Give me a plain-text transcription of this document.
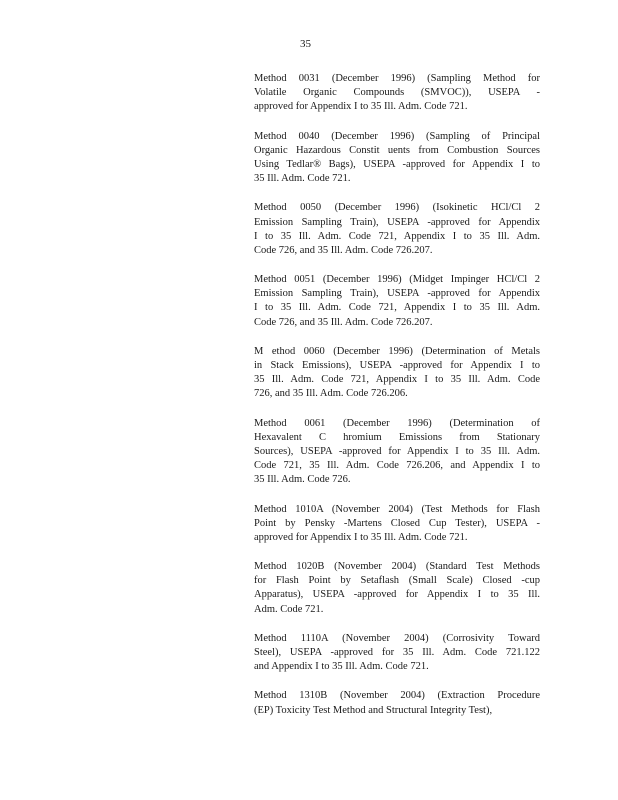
35
Method 0031 (December 1996) (Sampling Method for
Volatile Organic Compounds (SMVOC)), USEPA -
approved for Appendix I to 35 Ill. Adm. Code 721.
Method 0040 (December 1996) (Sampling of Principal
Organic Hazardous Constit uents from Combustion Sources
Using Tedlar® Bags), USEPA -approved for Appendix I to
35 Ill. Adm. Code 721.
Method 0050 (December 1996) (Isokinetic HCl/Cl 2
Emission Sampling Train), USEPA -approved for Appendix
I to 35 Ill. Adm. Code 721, Appendix I to 35 Ill. Adm.
Code 726, and 35 Ill. Adm. Code 726.207.
Method 0051 (December 1996) (Midget Impinger HCl/Cl 2
Emission Sampling Train), USEPA -approved for Appendix
I to 35 Ill. Adm. Code 721, Appendix I to 35 Ill. Adm.
Code 726, and 35 Ill. Adm. Code 726.207.
M ethod 0060 (December 1996) (Determination of Metals
in Stack Emissions), USEPA -approved for Appendix I to
35 Ill. Adm. Code 721, Appendix I to 35 Ill. Adm. Code
726, and 35 Ill. Adm. Code 726.206.
Method 0061 (December 1996) (Determination of
Hexavalent C hromium Emissions from Stationary
Sources), USEPA -approved for Appendix I to 35 Ill. Adm.
Code 721, 35 Ill. Adm. Code 726.206, and Appendix I to
35 Ill. Adm. Code 726.
Method 1010A (November 2004) (Test Methods for Flash
Point by Pensky -Martens Closed Cup Tester), USEPA -
approved for Appendix I to 35 Ill. Adm. Code 721.
Method 1020B (November 2004) (Standard Test Methods
for Flash Point by Setaflash (Small Scale) Closed -cup
Apparatus), USEPA -approved for Appendix I to 35 Ill.
Adm. Code 721.
Method 1110A (November 2004) (Corrosivity Toward
Steel), USEPA -approved for 35 Ill. Adm. Code 721.122
and Appendix I to 35 Ill. Adm. Code 721.
Method 1310B (November 2004) (Extraction Procedure
(EP) Toxicity Test Method and Structural Integrity Test),
